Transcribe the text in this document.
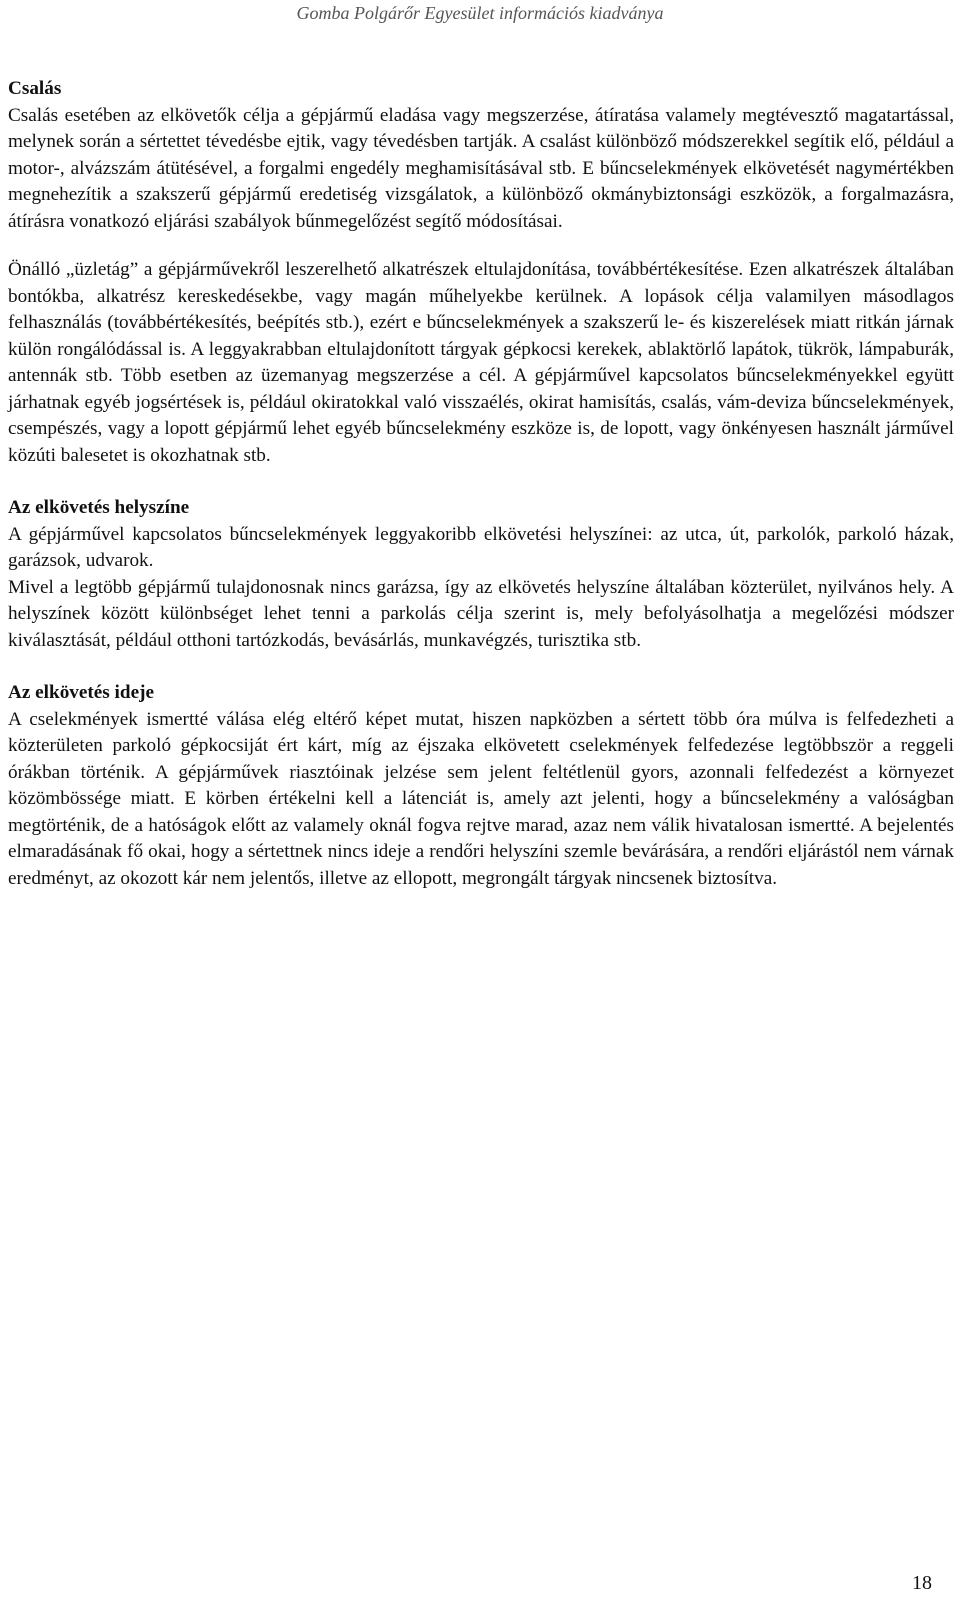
Gomba Polgárőr Egyesület információs kiadványa
Csalás

Csalás esetében az elkövetők célja a gépjármű eladása vagy megszerzése, átíratása valamely megtévesztő magatartással, melynek során a sértettet tévedésbe ejtik, vagy tévedésben tartják. A csalást különböző módszerekkel segítik elő, például a motor-, alvázszám átütésével, a forgalmi engedély meghamisításával stb. E bűncselekmények elkövetését nagymértékben megnehezítik a szakszerű gépjármű eredetiség vizsgálatok, a különböző okmánybiztonsági eszközök, a forgalmazásra, átírásra vonatkozó eljárási szabályok bűnmegelőzést segítő módosításai.

Önálló „üzletág” a gépjárművekről leszerelhető alkatrészek eltulajdonítása, továbbértékesítése. Ezen alkatrészek általában bontókba, alkatrész kereskedésekbe, vagy magán műhelyekbe kerülnek. A lopások célja valamilyen másodlagos felhasználás (továbbértékesítés, beépítés stb.), ezért e bűncselekmények a szakszerű le- és kiszerelések miatt ritkán járnak külön rongálódással is. A leggyakrabban eltulajdonított tárgyak gépkocsi kerekek, ablaktörlő lapátok, tükrök, lámpaburák, antennák stb. Több esetben az üzemanyag megszerzése a cél. A gépjárművel kapcsolatos bűncselekményekkel együtt járhatnak egyéb jogsértések is, például okiratokkal való visszaélés, okirat hamisítás, csalás, vám-deviza bűncselekmények, csempészés, vagy a lopott gépjármű lehet egyéb bűncselekmény eszköze is, de lopott, vagy önkényesen használt járművel közúti balesetet is okozhatnak stb.

Az elkövetés helyszíne

A gépjárművel kapcsolatos bűncselekmények leggyakoribb elkövetési helyszínei: az utca, út, parkolók, parkoló házak, garázsok, udvarok.

Mivel a legtöbb gépjármű tulajdonosnak nincs garázsa, így az elkövetés helyszíne általában közterület, nyilvános hely. A helyszínek között különbséget lehet tenni a parkolás célja szerint is, mely befolyásolhatja a megelőzési módszer kiválasztását, például otthoni tartózkodás, bevásárlás, munkavégzés, turisztika stb.

Az elkövetés ideje

A cselekmények ismertté válása elég eltérő képet mutat, hiszen napközben a sértett több óra múlva is felfedezheti a közterületen parkoló gépkocsiját ért kárt, míg az éjszaka elkövetett cselekmények felfedezése legtöbbször a reggeli órákban történik. A gépjárművek riasztóinak jelzése sem jelent feltétlenül gyors, azonnali felfedezést a környezet közömbössége miatt. E körben értékelni kell a látenciát is, amely azt jelenti, hogy a bűncselekmény a valóságban megtörténik, de a hatóságok előtt az valamely oknál fogva rejtve marad, azaz nem válik hivatalosan ismertté. A bejelentés elmaradásának fő okai, hogy a sértettnek nincs ideje a rendőri helyszíni szemle bevárására, a rendőri eljárástól nem várnak eredményt, az okozott kár nem jelentős, illetve az ellopott, megrongált tárgyak nincsenek biztosítva.

18
